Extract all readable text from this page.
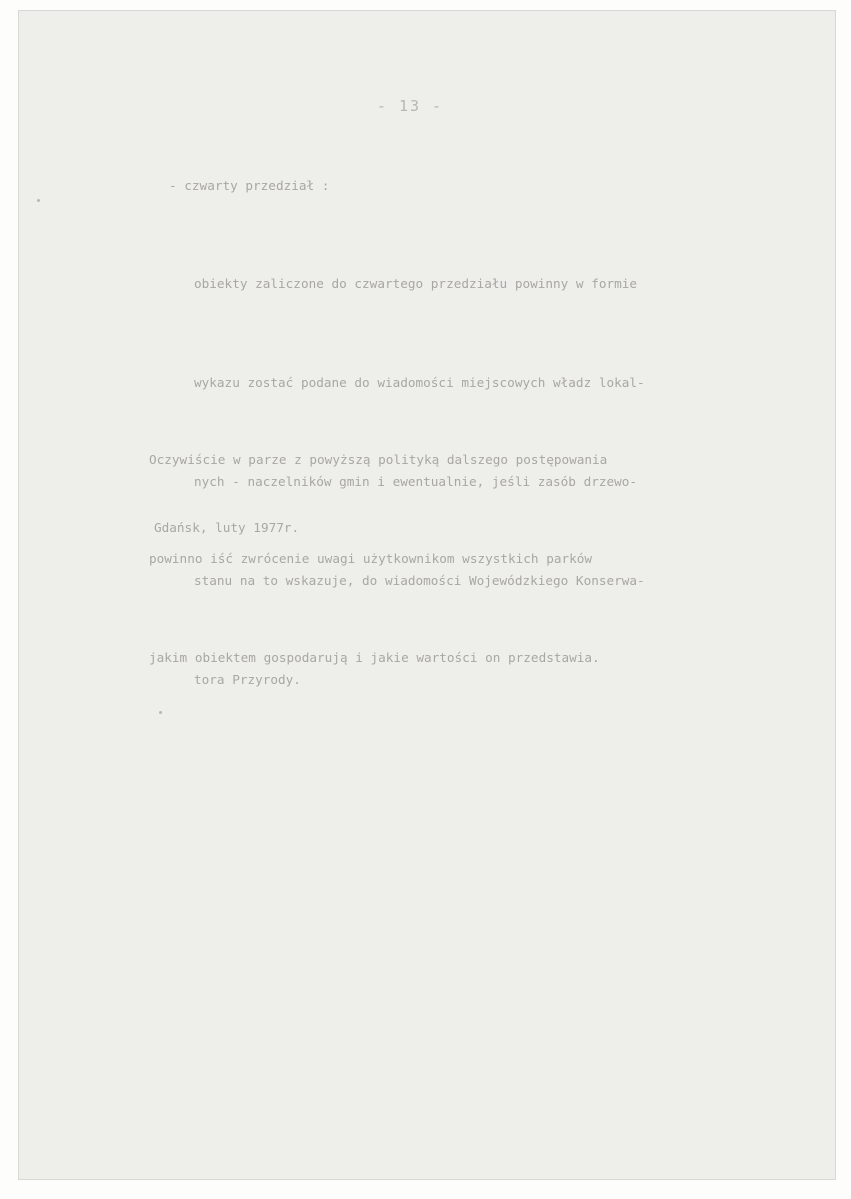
- 13 -
- czwarty przedział :

obiekty zaliczone do czwartego przedziału powinny w formie

wykazu zostać podane do wiadomości miejscowych władz lokal-

nych - naczelników gmin i ewentualnie, jeśli zasób drzewo-

stanu na to wskazuje, do wiadomości Wojewódzkiego Konserwa-

tora Przyrody.

Oczywiście w parze z powyższą polityką dalszego postępowania

powinno iść zwrócenie uwagi użytkownikom wszystkich parków

jakim obiektem gospodarują i jakie wartości on przedstawia.

Gdańsk, luty 1977r.
